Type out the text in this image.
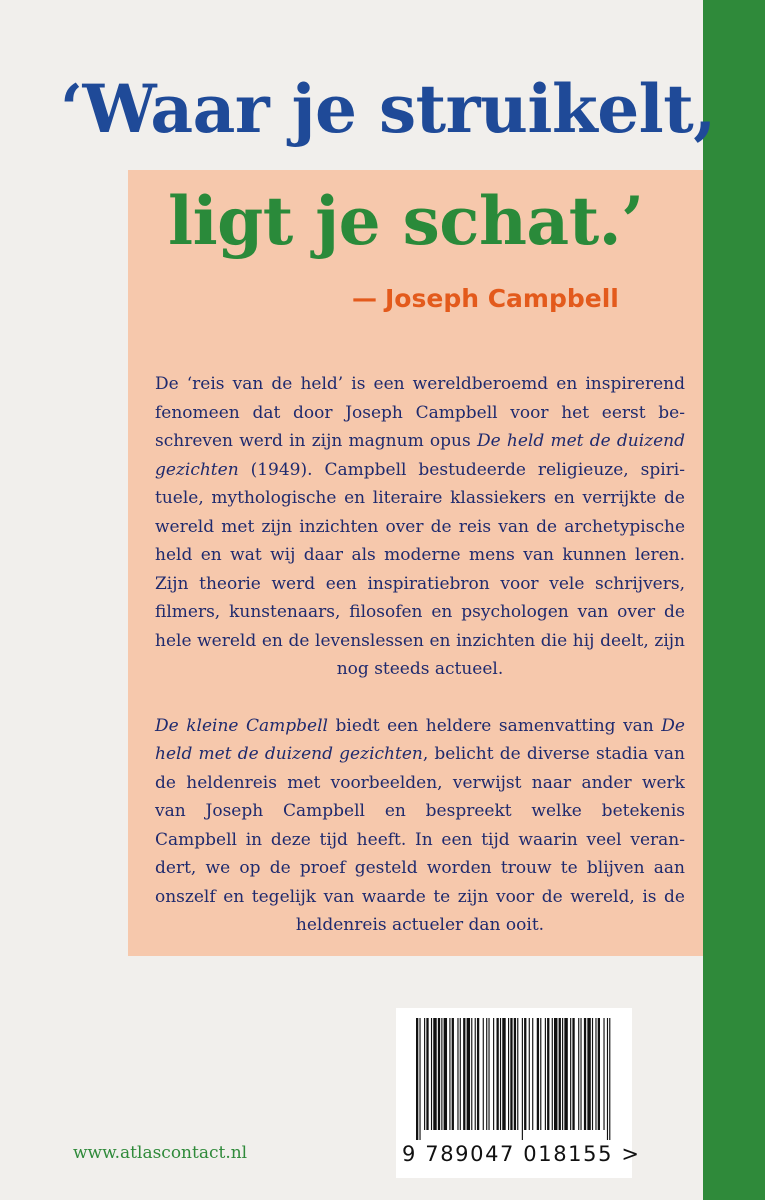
‘Waar je struikelt,
ligt je schat.’
— Joseph Campbell

De ‘reis van de held’ is een wereldberoemd en inspirerend fenomeen dat door Joseph Campbell voor het eerst beschreven werd in zijn magnum opus De held met de duizend gezichten (1949). Campbell bestudeerde religieuze, spirituele, mythologische en literaire klassiekers en verrijkte de wereld met zijn inzichten over de reis van de archetypische held en wat wij daar als moderne mens van kunnen leren. Zijn theorie werd een inspiratiebron voor vele schrijvers, filmers, kunstenaars, filosofen en psychologen van over de hele wereld en de levenslessen en inzichten die hij deelt, zijn nog steeds actueel.

De kleine Campbell biedt een heldere samenvatting van De held met de duizend gezichten, belicht de diverse stadia van de heldenreis met voorbeelden, verwijst naar ander werk van Joseph Campbell en bespreekt welke betekenis Campbell in deze tijd heeft. In een tijd waarin veel verandert, we op de proef gesteld worden trouw te blijven aan onszelf en tegelijk van waarde te zijn voor de wereld, is de heldenreis actueler dan ooit.

www.atlascontact.nl	9 789047 018155 >
